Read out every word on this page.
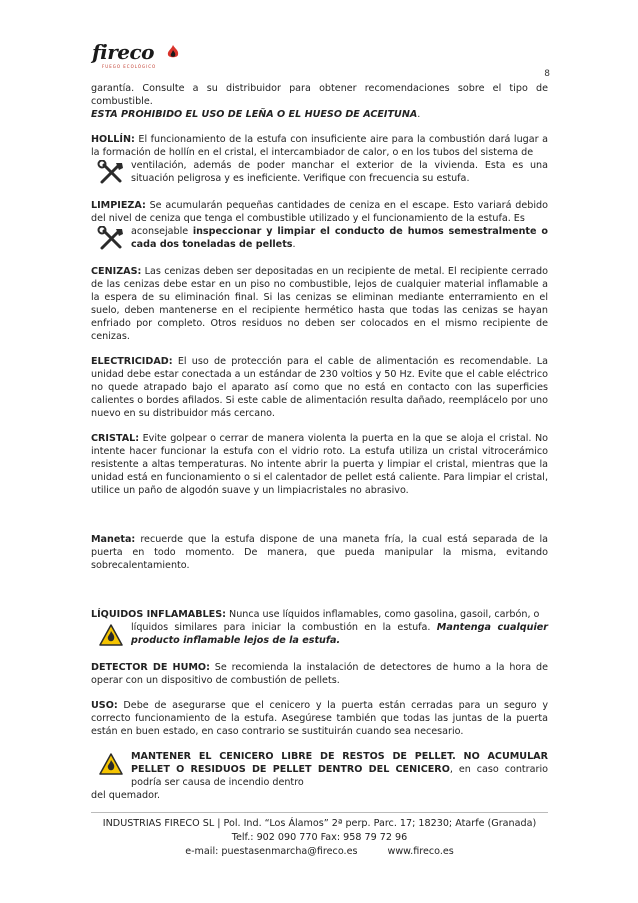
fireco
FUEGO ECOLÓGICO
8

garantía. Consulte a su distribuidor para obtener recomendaciones sobre el tipo de combustible.
ESTA PROHIBIDO EL USO DE LEÑA O EL HUESO DE ACEITUNA.

HOLLÍN: El funcionamiento de la estufa con insuficiente aire para la combustión dará lugar a la formación de hollín en el cristal, el intercambiador de calor, o en los tubos del sistema de

ventilación, además de poder manchar el exterior de la vivienda. Esta es una situación peligrosa y es ineficiente. Verifique con frecuencia su estufa.

LIMPIEZA: Se acumularán pequeñas cantidades de ceniza en el escape. Esto variará debido del nivel de ceniza que tenga el combustible utilizado y el funcionamiento de la estufa. Es

aconsejable inspeccionar y limpiar el conducto de humos semestralmente o cada dos toneladas de pellets.

CENIZAS: Las cenizas deben ser depositadas en un recipiente de metal. El recipiente cerrado de las cenizas debe estar en un piso no combustible, lejos de cualquier material inflamable a la espera de su eliminación final. Si las cenizas se eliminan mediante enterramiento en el suelo, deben mantenerse en el recipiente hermético hasta que todas las cenizas se hayan enfriado por completo. Otros residuos no deben ser colocados en el mismo recipiente de cenizas.

ELECTRICIDAD: El uso de protección para el cable de alimentación es recomendable. La unidad debe estar conectada a un estándar de 230 voltios y 50 Hz. Evite que el cable eléctrico no quede atrapado bajo el aparato así como que no está en contacto con las superficies calientes o bordes afilados. Si este cable de alimentación resulta dañado, reemplácelo por uno nuevo en su distribuidor más cercano.

CRISTAL: Evite golpear o cerrar de manera violenta la puerta en la que se aloja el cristal. No intente hacer funcionar la estufa con el vidrio roto. La estufa utiliza un cristal vitrocerámico resistente a altas temperaturas. No intente abrir la puerta y limpiar el cristal, mientras que la unidad está en funcionamiento o si el calentador de pellet está caliente. Para limpiar el cristal, utilice un paño de algodón suave y un limpiacristales no abrasivo.

Maneta: recuerde que la estufa dispone de una maneta fría, la cual está separada de la puerta en todo momento. De manera, que pueda manipular la misma, evitando sobrecalentamiento.

LÍQUIDOS INFLAMABLES: Nunca use líquidos inflamables, como gasolina, gasoil, carbón, o

líquidos similares para iniciar la combustión en la estufa. Mantenga cualquier producto inflamable lejos de la estufa.

DETECTOR DE HUMO: Se recomienda la instalación de detectores de humo a la hora de operar con un dispositivo de combustión de pellets.

USO: Debe de asegurarse que el cenicero y la puerta están cerradas para un seguro y correcto funcionamiento de la estufa. Asegúrese también que todas las juntas de la puerta están en buen estado, en caso contrario se sustituirán cuando sea necesario.

MANTENER EL CENICERO LIBRE DE RESTOS DE PELLET. NO ACUMULAR PELLET O RESIDUOS DE PELLET DENTRO DEL CENICERO, en caso contrario podría ser causa de incendio dentro

del quemador.

INDUSTRIAS FIRECO SL | Pol. Ind. “Los Álamos” 2ª perp. Parc. 17; 18230; Atarfe (Granada)
Telf.: 902 090 770 Fax: 958 79 72 96
e-mail: puestasenmarcha@fireco.es	www.fireco.es
